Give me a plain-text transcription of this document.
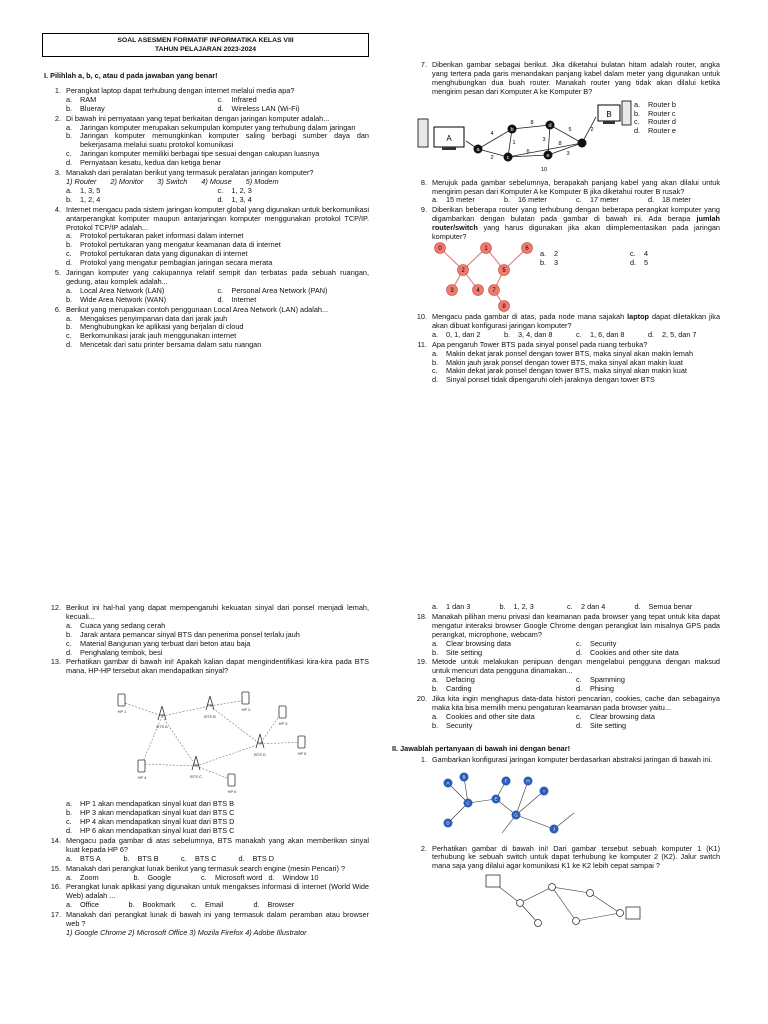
SOAL ASESMEN FORMATIF INFORMATIKA KELAS VIII
TAHUN PELAJARAN 2023-2024
I. Pilihlah a, b, c, atau d pada jawaban yang benar!
1. Perangkat laptop dapat terhubung dengan internet melalui media apa?
a.	RAM	c.	Infrared
b.	Blueray	d.	Wireless LAN (Wi-Fi)
2. Di bawah ini pernyataan yang tepat berkaitan dengan jaringan komputer adalah...
a.	Jaringan komputer merupakan sekumpulan komputer yang terhubung dalam jaringan
b.	Jaringan komputer memungkinkan komputer saling berbagi sumber daya dan bekerjasama melalui suatu protokol komunikasi
c.	Jaringan komputer memiliki berbagai tipe sesuai dengan cakupan luasnya
d.	Pernyataan kesatu, kedua dan ketiga benar
3. Manakah dari peralatan berikut yang termasuk peralatan jaringan komputer?
1) Router 2) Monitor 3) Switch 4) Mouse 5) Modem
a.	1, 3, 5	c.	1, 2, 3
b.	1, 2, 4	d.	1, 3, 4
4. Internet mengacu pada sistem jaringan komputer global yang digunakan untuk berkomunikasi antarperangkat komputer maupun antarjaringan komputer menggunakan protokol TCP/IP. Protokol TCP/IP adalah...
a.	Protokol pertukaran paket informasi dalam internet
b.	Protokol pertukaran yang mengatur keamanan data di internet
c.	Protokol pertukaran data yang digunakan di internet
d.	Protokol yang mengatur pembagian jaringan secara merata
5. Jaringan komputer yang cakupannya relatif sempit dan terbatas pada sebuah ruangan, gedung, atau komplek adalah...
a.	Local Area Network (LAN)	c.	Personal Area Network (PAN)
b.	Wide Area Network (WAN)	d.	Internet
6. Berikut yang merupakan contoh penggunaan Local Area Network (LAN) adalah...
a.	Mengakses penyimpanan data dari jarak jauh
b.	Menghubungkan ke aplikasi yang berjalan di cloud
c.	Berkomunikasi jarak jauh menggunakan internet
d.	Mencetak dari satu printer bersama dalam satu ruangan
7. Diberikan gambar sebagai berikut. Jika diketahui bulatan hitam adalah router, angka yang tertera pada garis menandakan panjang kabel dalam meter yang digunakan untuk menghubungkan dua buah router. Manakah router yang tidak akan dilalui ketika mengirim pesan dari Komputer A ke Komputer B?
A
B
a
b
c
d
e
4
2
1
8
3
6
5
3
2
10
8
a.	Router b
b.	Router c
c.	Router d
d.	Router e
8. Merujuk pada gambar sebelumnya, berapakah panjang kabel yang akan dilalui untuk mengirim pesan dari Komputer A ke Komputer B jika diketahui router B rusak?
a.	15 meter	b.	16 meter	c.	17 meter	d.	18 meter
9. Diberikan beberapa router yang terhubung dengan beberapa perangkat komputer yang digambarkan dengan bulatan pada gambar di bawah ini. Ada berapa jumlah router/switch yang harus digunakan jika akan diimplementasikan pada jaringan komputer?
0	1
2
3	4
5
6
7
8
a.	2	c.	4
b.	3	d.	5
10. Mengacu pada gambar di atas, pada node mana sajakah laptop dapat diletakkan jika akan dibuat konfigurasi jaringan komputer?
a.	0, 1, dan 2	b.	3, 4, dan 8	c.	1, 6, dan 8	d.	2, 5, dan 7
11. Apa pengaruh Tower BTS pada sinyal ponsel pada ruang terbuka?
a.	Makin dekat jarak ponsel dengan tower BTS, maka sinyal akan makin lemah
b.	Makin jauh jarak ponsel dengan tower BTS, maka sinyal akan makin kuat
c.	Makin dekat jarak ponsel dengan tower BTS, maka sinyal akan makin kuat
d.	Sinyal ponsel tidak dipengaruhi oleh jaraknya dengan tower BTS
12. Berikut ini hal-hal yang dapat mempengaruhi kekuatan sinyal dari ponsel menjadi lemah, kecuali...
a.	Cuaca yang sedang cerah
b.	Jarak antara pemancar sinyal BTS dan penerima ponsel terlalu jauh
c.	Material Bangunan yang terbuat dari beton atau baja
d.	Penghalang tembok, besi
13. Perhatikan gambar di bawah ini! Apakah kalian dapat mengindentifikasi kira-kira pada BTS mana, HP-HP tersebut akan mendapatkan sinyal?
BTS A
BTS B
BTS C
BTS D
HP 1	HP 2
HP 3
HP 4
HP 5
HP 6
a.	HP 1 akan mendapatkan sinyal kuat dari BTS B
b.	HP 3 akan mendapatkan sinyal kuat dari BTS C
c.	HP 4 akan mendapatkan sinyal kuat dari BTS D
d.	HP 6 akan mendapatkan sinyal kuat dari BTS C
14. Mengacu pada gambar di atas sebelumnya, BTS manakah yang akan memberikan sinyal kuat kepada HP 6?
a.	BTS A	b.	BTS B	c.	BTS C	d.	BTS D
15. Manakah dari perangkat lunak berikut yang termasuk search engine (mesin Pencari) ?
a.	Zoom	b.	Google	c.	Microsoft word d.	Window 10
16. Perangkat lunak aplikasi yang digunakan untuk mengakses informasi di internet (World Wide Web) adalah ...
a.	Office	b.	Bookmark c.	Email	d.	Browser
17. Manakah dari perangkat lunak di bawah ini yang termasuk dalam peramban atau browser web ?
1) Google Chrome 2) Microsoft Office 3) Mozila Firefox 4) Adobe Illustrator
a.	1 dan 3	b.	1, 2, 3	c.	2 dan 4	d.	Semua benar
18. Manakah pilihan menu privasi dan keamanan pada browser yang tepat untuk kita dapat mengatur interaksi browser Google Chrome dengan perangkat lain misalnya GPS pada perangkat, microphone, webcam?
a.	Clear browsing data	c.	Security
b.	Site setting	d.	Cookies and other site data
19. Metode untuk melakukan penipuan dengan mengelabui pengguna dengan maksud untuk mencuri data pengguna dinamakan...
a.	Defacing	c.	Spamming
b.	Carding	d.	Phising
20. Jika kita ingin menghapus data-data histori pencarian, cookies, cache dan sebagainya maka kita bisa memilih menu pengaturan keamanan pada browser yaitu...
a.	Cookies and other site data	c.	Clear browsing data
b.	Security	d.	Site setting
II. Jawablah pertanyaan di bawah ini dengan benar!
1. Gambarkan konfigurasi jaringan komputer berdasarkan abstraksi jaringan di bawah ini.
A
B
C
D
E
F
G
H
I
J
2. Perhatikan gambar di bawah ini! Dari gambar tersebut sebuah komputer 1 (K1) terhubung ke sebuah switch untuk dapat terhubung ke komputer 2 (K2). Jalur switch mana saja yang dilalui agar komunikasi K1 ke K2 lebih cepat sampai ?
